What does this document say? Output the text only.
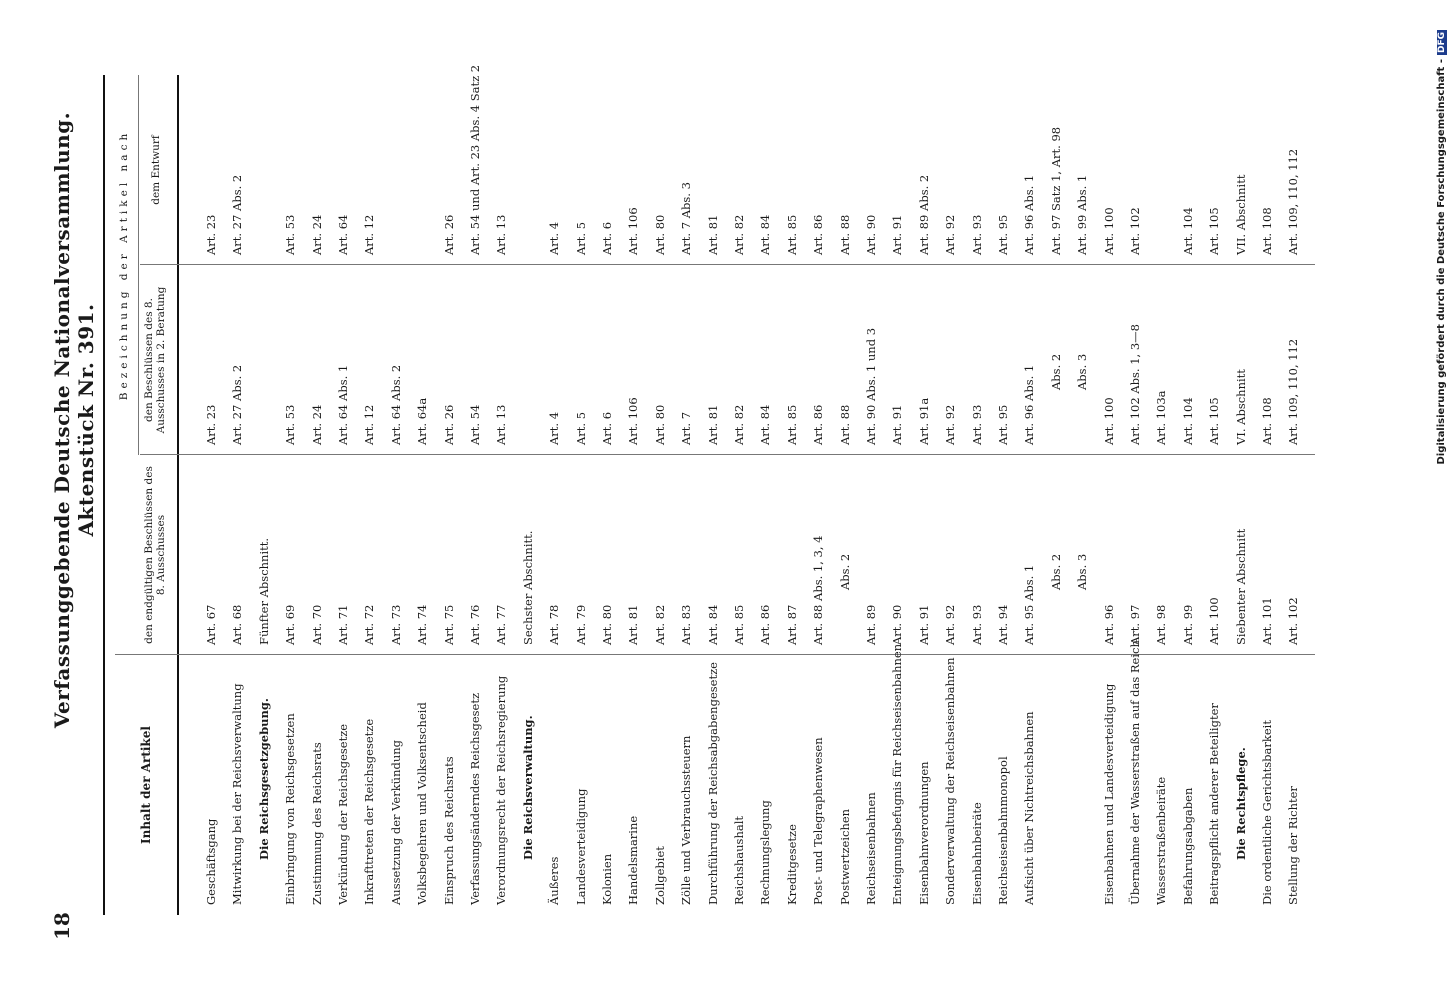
18
Verfassunggebende Deutsche Nationalversammlung. Aktenstück Nr. 391.
Inhalt der Artikel
Bezeichnung der Artikel nach
den endgültigen Beschlüssen des 8. Ausschusses
den Beschlüssen des 8. Ausschusses in 2. Beratung
dem Entwurf
Geschäftsgang
Art. 67
Art. 23
Art. 23
Mitwirkung bei der Reichsverwaltung
Art. 68
Art. 27 Abs. 2
Art. 27 Abs. 2
Die Reichsgesetzgebung.
Fünfter Abschnitt.
Einbringung von Reichsgesetzen
Art. 69
Art. 53
Art. 53
Zustimmung des Reichsrats
Art. 70
Art. 24
Art. 24
Verkündung der Reichsgesetze
Art. 71
Art. 64 Abs. 1
Art. 64
Inkrafttreten der Reichsgesetze
Art. 72
Art. 12
Art. 12
Aussetzung der Verkündung
Art. 73
Art. 64 Abs. 2
Volksbegehren und Volksentscheid
Art. 74
Art. 64a
Einspruch des Reichsrats
Art. 75
Art. 26
Art. 26
Verfassungsänderndes Reichsgesetz
Art. 76
Art. 54
Art. 54 und Art. 23 Abs. 4 Satz 2
Verordnungsrecht der Reichsregierung
Art. 77
Art. 13
Art. 13
Die Reichsverwaltung.
Sechster Abschnitt.
Äußeres
Art. 78
Art. 4
Art. 4
Landesverteidigung
Art. 79
Art. 5
Art. 5
Kolonien
Art. 80
Art. 6
Art. 6
Handelsmarine
Art. 81
Art. 106
Art. 106
Zollgebiet
Art. 82
Art. 80
Art. 80
Zölle und Verbrauchssteuern
Art. 83
Art. 7
Art. 7 Abs. 3
Durchführung der Reichsabgabengesetze
Art. 84
Art. 81
Art. 81
Reichshaushalt
Art. 85
Art. 82
Art. 82
Rechnungslegung
Art. 86
Art. 84
Art. 84
Kreditgesetze
Art. 87
Art. 85
Art. 85
Post- und Telegraphenwesen
Art. 88 Abs. 1, 3, 4
Art. 86
Art. 86
Postwertzeichen
Abs. 2
Art. 88
Art. 88
Reichseisenbahnen
Art. 89
Art. 90 Abs. 1 und 3
Art. 90
Enteignungsbefugnis für Reichseisenbahnen
Art. 90
Art. 91
Art. 91
Eisenbahnverordnungen
Art. 91
Art. 91a
Art. 89 Abs. 2
Sonderverwaltung der Reichseisenbahnen
Art. 92
Art. 92
Art. 92
Eisenbahnbeiräte
Art. 93
Art. 93
Art. 93
Reichseisenbahnmonopol
Art. 94
Art. 95
Art. 95
Aufsicht über Nichtreichsbahnen
Art. 95 Abs. 1
Art. 96 Abs. 1
Art. 96 Abs. 1
Abs. 2
Abs. 2
Art. 97 Satz 1, Art. 98
Abs. 3
Abs. 3
Art. 99 Abs. 1
Eisenbahnen und Landesverteidigung
Art. 96
Art. 100
Art. 100
Übernahme der Wasserstraßen auf das Reich
Art. 97
Art. 102 Abs. 1, 3—8
Art. 102
Wasserstraßenbeiräte
Art. 98
Art. 103a
Befahrungsabgaben
Art. 99
Art. 104
Art. 104
Beitragspflicht anderer Beteiligter
Art. 100
Art. 105
Art. 105
Die Rechtspflege.
Siebenter Abschnitt
VI. Abschnitt
VII. Abschnitt
Die ordentliche Gerichtsbarkeit
Art. 101
Art. 108
Art. 108
Stellung der Richter
Art. 102
Art. 109, 110, 112
Art. 109, 110, 112	Digitalisierung gefördert durch die Deutsche Forschungsgemeinschaft -DFG
